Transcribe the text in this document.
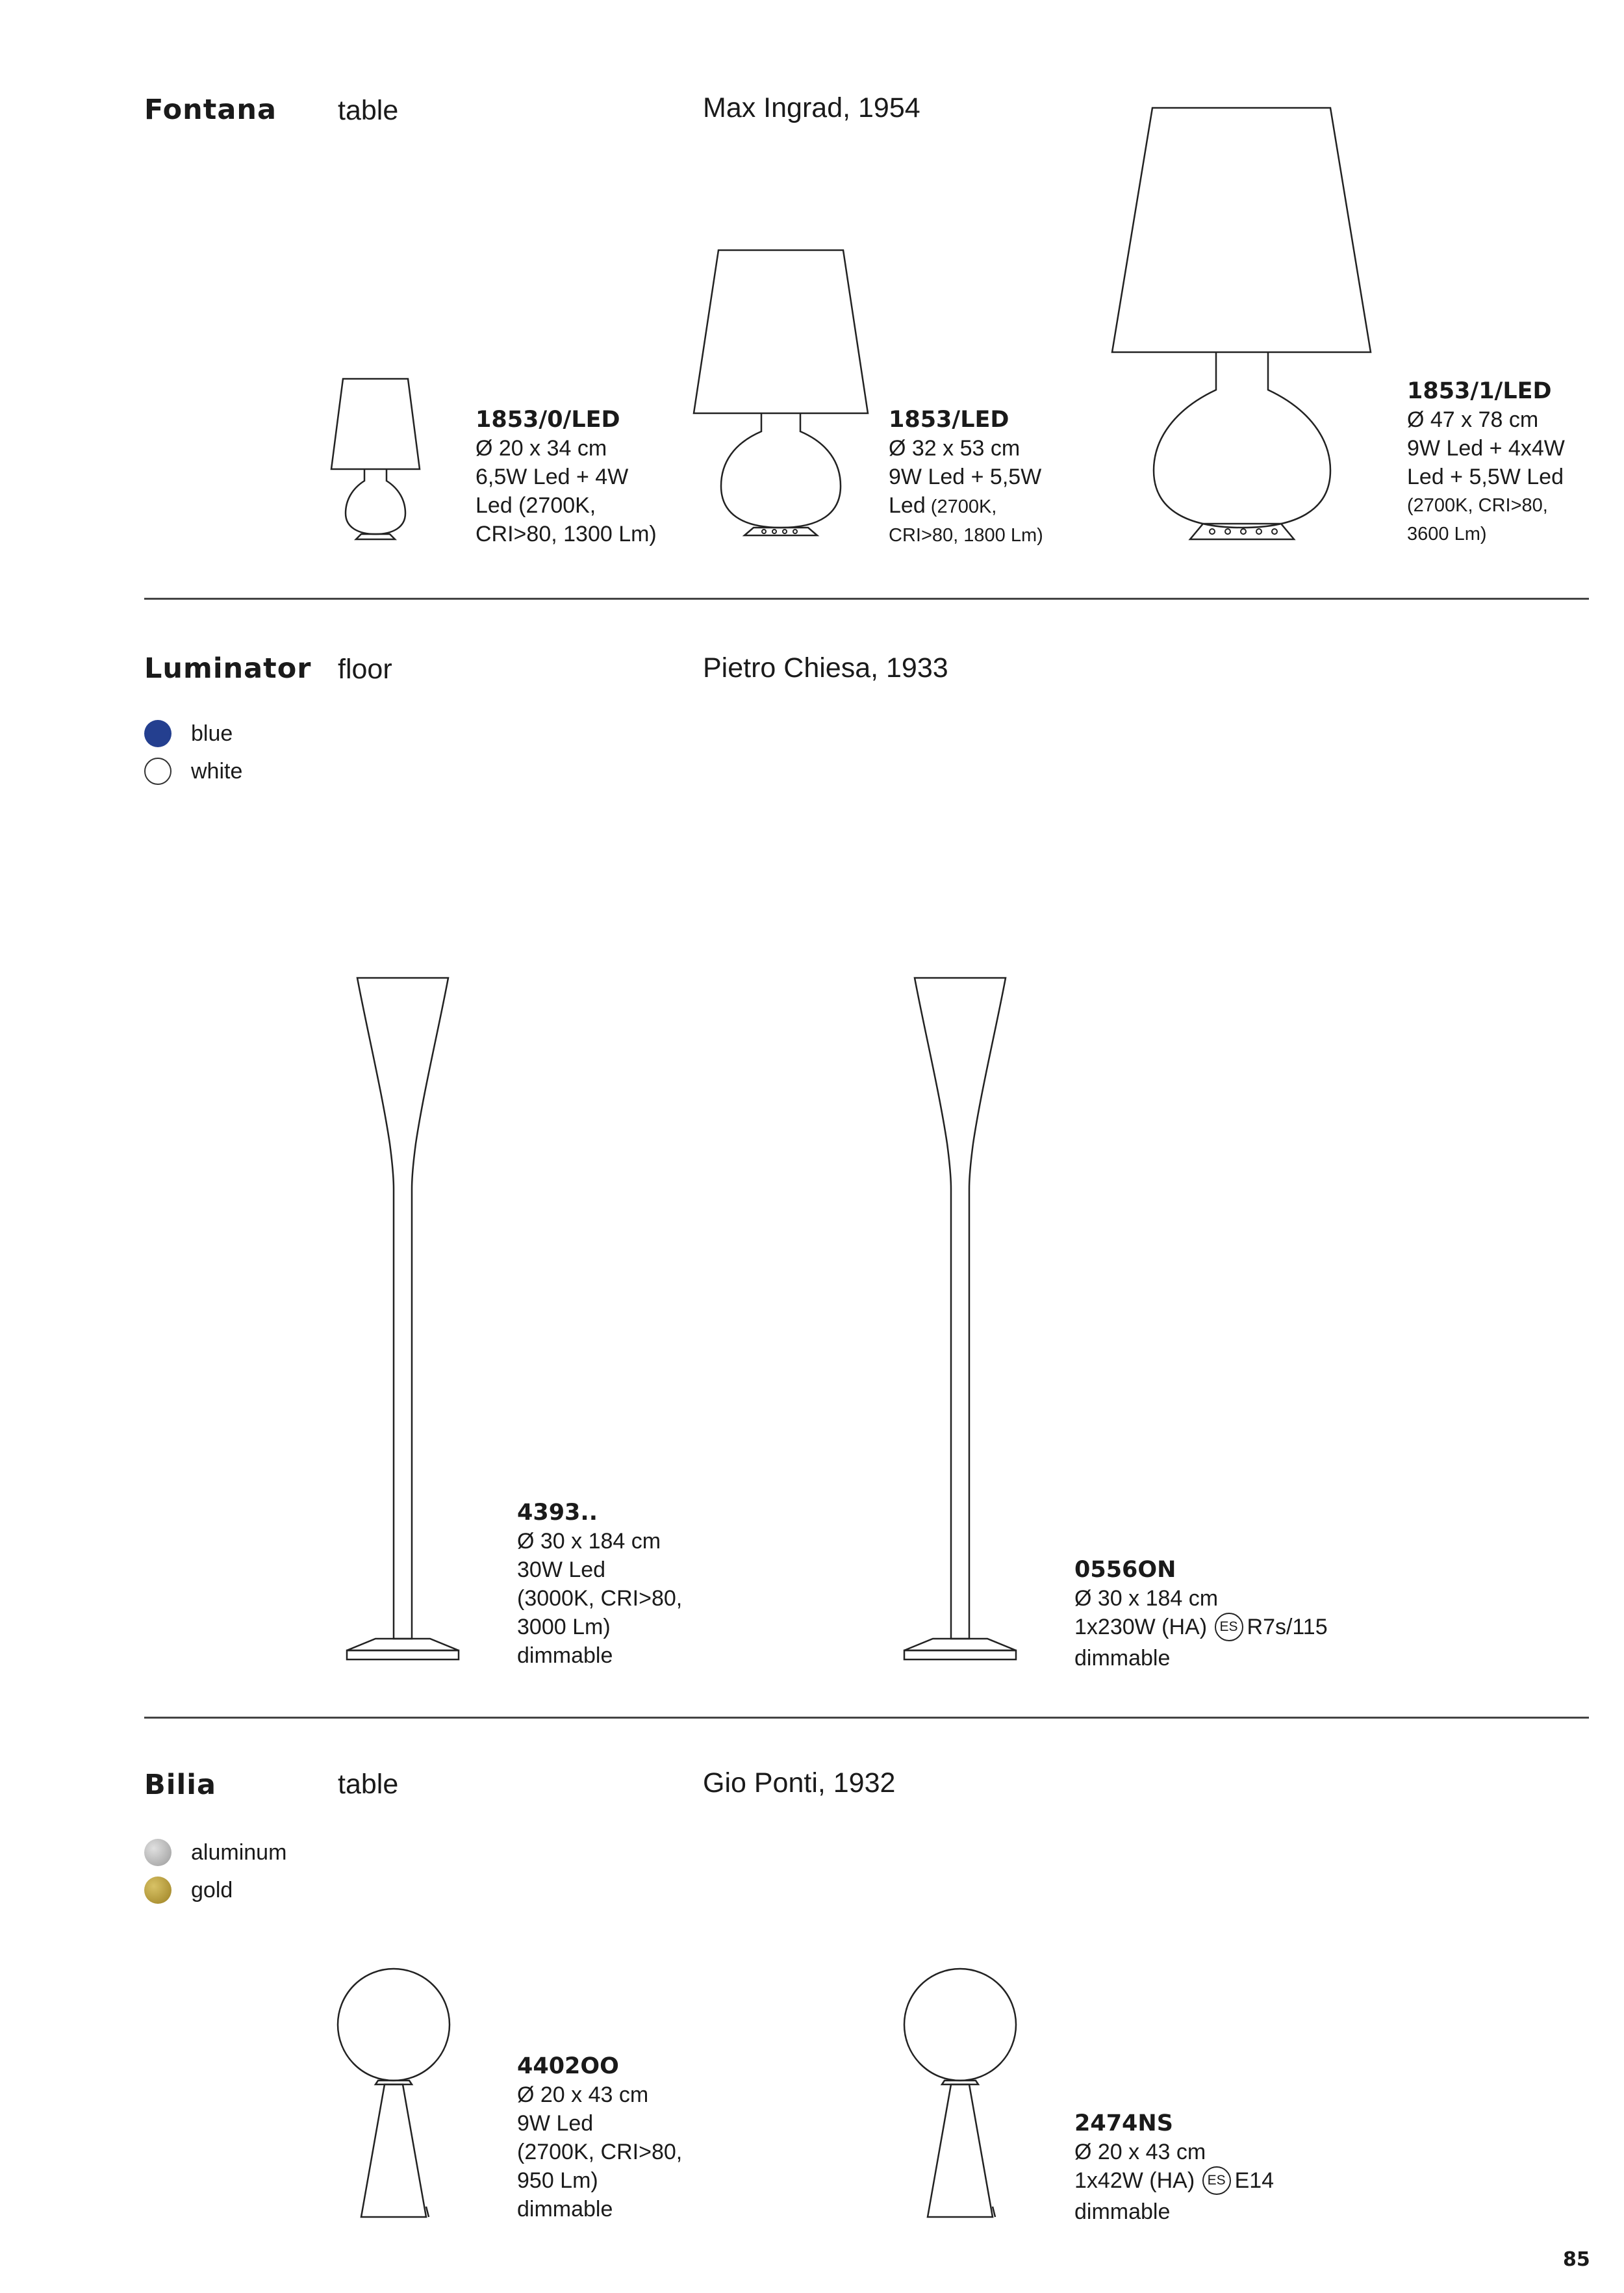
Fontana table	Max Ingrad, 1954
1853/0/LED
Ø 20 x 34 cm
6,5W Led + 4W
Led (2700K,
CRI>80, 1300 Lm)
1853/LED
Ø 32 x 53 cm
9W Led + 5,5W
Led (2700K,
CRI>80, 1800 Lm)
1853/1/LED
Ø 47 x 78 cm
9W Led + 4x4W
Led + 5,5W Led
(2700K, CRI>80,
3600 Lm)
Luminator floor	Pietro Chiesa, 1933
blue
white
4393..
Ø 30 x 184 cm
30W Led
(3000K, CRI>80,
3000 Lm)
dimmable
0556ON
Ø 30 x 184 cm
1x230W (HA) ES R7s/115
dimmable
Bilia	table	Gio Ponti, 1932
aluminum
gold
4402OO
Ø 20 x 43 cm
9W Led
(2700K, CRI>80,
950 Lm)
dimmable
2474NS
Ø 20 x 43 cm
1x42W (HA) ES E14
dimmable
85
